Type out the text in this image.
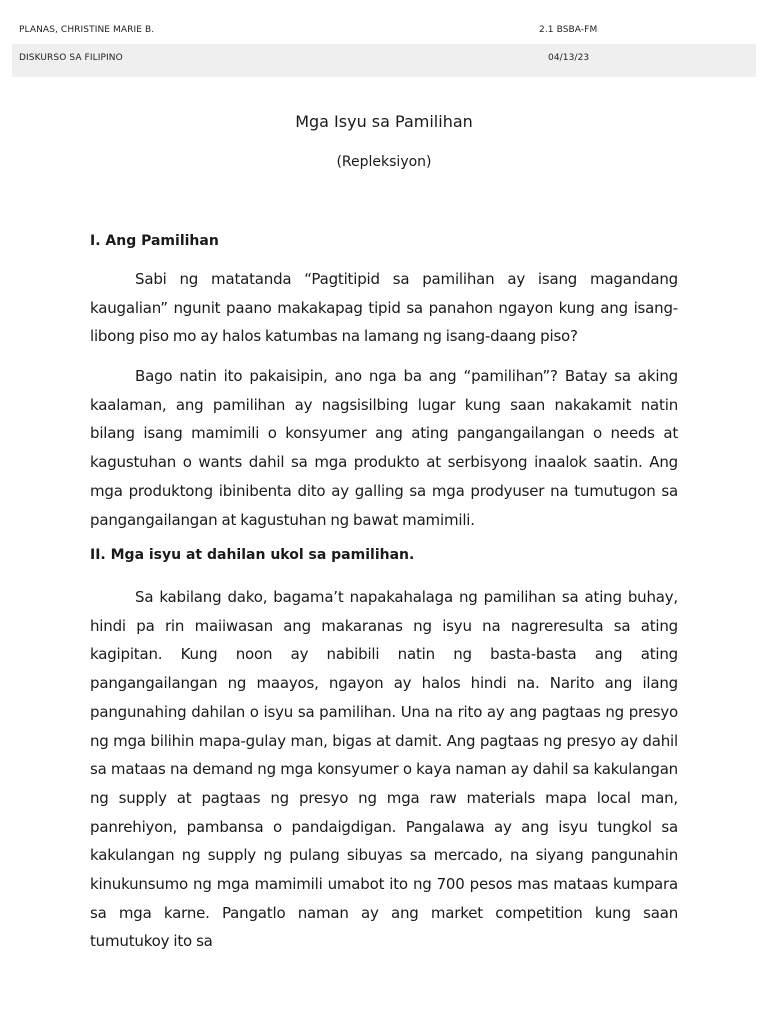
PLANAS, CHRISTINE MARIE B.	2.1 BSBA-FM
DISKURSO SA FILIPINO	04/13/23
Mga Isyu sa Pamilihan
(Repleksiyon)
I. Ang Pamilihan

Sabi ng matatanda “Pagtitipid sa pamilihan ay isang magandang kaugalian” ngunit paano makakapag tipid sa panahon ngayon kung ang isang-libong piso mo ay halos katumbas na lamang ng isang-daang piso?

Bago natin ito pakaisipin, ano nga ba ang “pamilihan”? Batay sa aking kaalaman, ang pamilihan ay nagsisilbing lugar kung saan nakakamit natin bilang isang mamimili o konsyumer ang ating pangangailangan o needs at kagustuhan o wants dahil sa mga produkto at serbisyong inaalok saatin. Ang mga produktong ibinibenta dito ay galling sa mga prodyuser na tumutugon sa pangangailangan at kagustuhan ng bawat mamimili.

II. Mga isyu at dahilan ukol sa pamilihan.

Sa kabilang dako, bagama’t napakahalaga ng pamilihan sa ating buhay, hindi pa rin maiiwasan ang makaranas ng isyu na nagreresulta sa ating kagipitan. Kung noon ay nabibili natin ng basta-basta ang ating pangangailangan ng maayos, ngayon ay halos hindi na. Narito ang ilang pangunahing dahilan o isyu sa pamilihan. Una na rito ay ang pagtaas ng presyo ng mga bilihin mapa-gulay man, bigas at damit. Ang pagtaas ng presyo ay dahil sa mataas na demand ng mga konsyumer o kaya naman ay dahil sa kakulangan ng supply at pagtaas ng presyo ng mga raw materials mapa local man, panrehiyon, pambansa o pandaigdigan. Pangalawa ay ang isyu tungkol sa kakulangan ng supply ng pulang sibuyas sa mercado, na siyang pangunahin kinukunsumo ng mga mamimili umabot ito ng 700 pesos mas mataas kumpara sa mga karne. Pangatlo naman ay ang market competition kung saan tumutukoy ito sa
